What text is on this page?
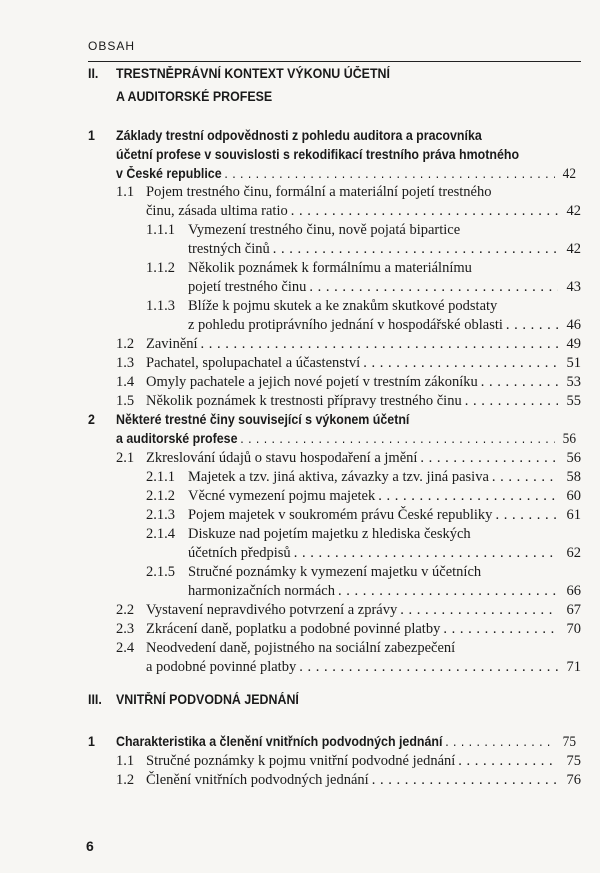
OBSAH
II. TRESTNĚPRÁVNÍ KONTEXT VÝKONU ÚČETNÍ
A AUDITORSKÉ PROFESE
1 Základy trestní odpovědnosti z pohledu auditora a pracovníka
účetní profese v souvislosti s rekodifikací trestního práva hmotného
v České republice . . .	42
1.1 Pojem trestného činu, formální a materiální pojetí trestného
činu, zásada ultima ratio . . .	42
1.1.1 Vymezení trestného činu, nově pojatá bipartice
trestných činů . . .	42
1.1.2 Několik poznámek k formálnímu a materiálnímu
pojetí trestného činu . . .	43
1.1.3 Blíže k pojmu skutek a ke znakům skutkové podstaty
z pohledu protiprávního jednání v hospodářské oblasti . . .	46
1.2 Zavinění . . .	49
1.3 Pachatel, spolupachatel a účastenství . . .	51
1.4 Omyly pachatele a jejich nové pojetí v trestním zákoníku . . .	53
1.5 Několik poznámek k trestnosti přípravy trestného činu . . .	55
2 Některé trestné činy související s výkonem účetní
a auditorské profese . . .	56
2.1 Zkreslování údajů o stavu hospodaření a jmění . . .	56
2.1.1 Majetek a tzv. jiná aktiva, závazky a tzv. jiná pasiva . . .	58
2.1.2 Věcné vymezení pojmu majetek . . .	60
2.1.3 Pojem majetek v soukromém právu České republiky . . .	61
2.1.4 Diskuze nad pojetím majetku z hlediska českých
účetních předpisů . . .	62
2.1.5 Stručné poznámky k vymezení majetku v účetních
harmonizačních normách . . .	66
2.2 Vystavení nepravdivého potvrzení a zprávy . . .	67
2.3 Zkrácení daně, poplatku a podobné povinné platby . . .	70
2.4 Neodvedení daně, pojistného na sociální zabezpečení
a podobné povinné platby . . .	71
III. VNITŘNÍ PODVODNÁ JEDNÁNÍ
1 Charakteristika a členění vnitřních podvodných jednání . . .	75
1.1 Stručné poznámky k pojmu vnitřní podvodné jednání . . .	75
1.2 Členění vnitřních podvodných jednání . . .	76
6
